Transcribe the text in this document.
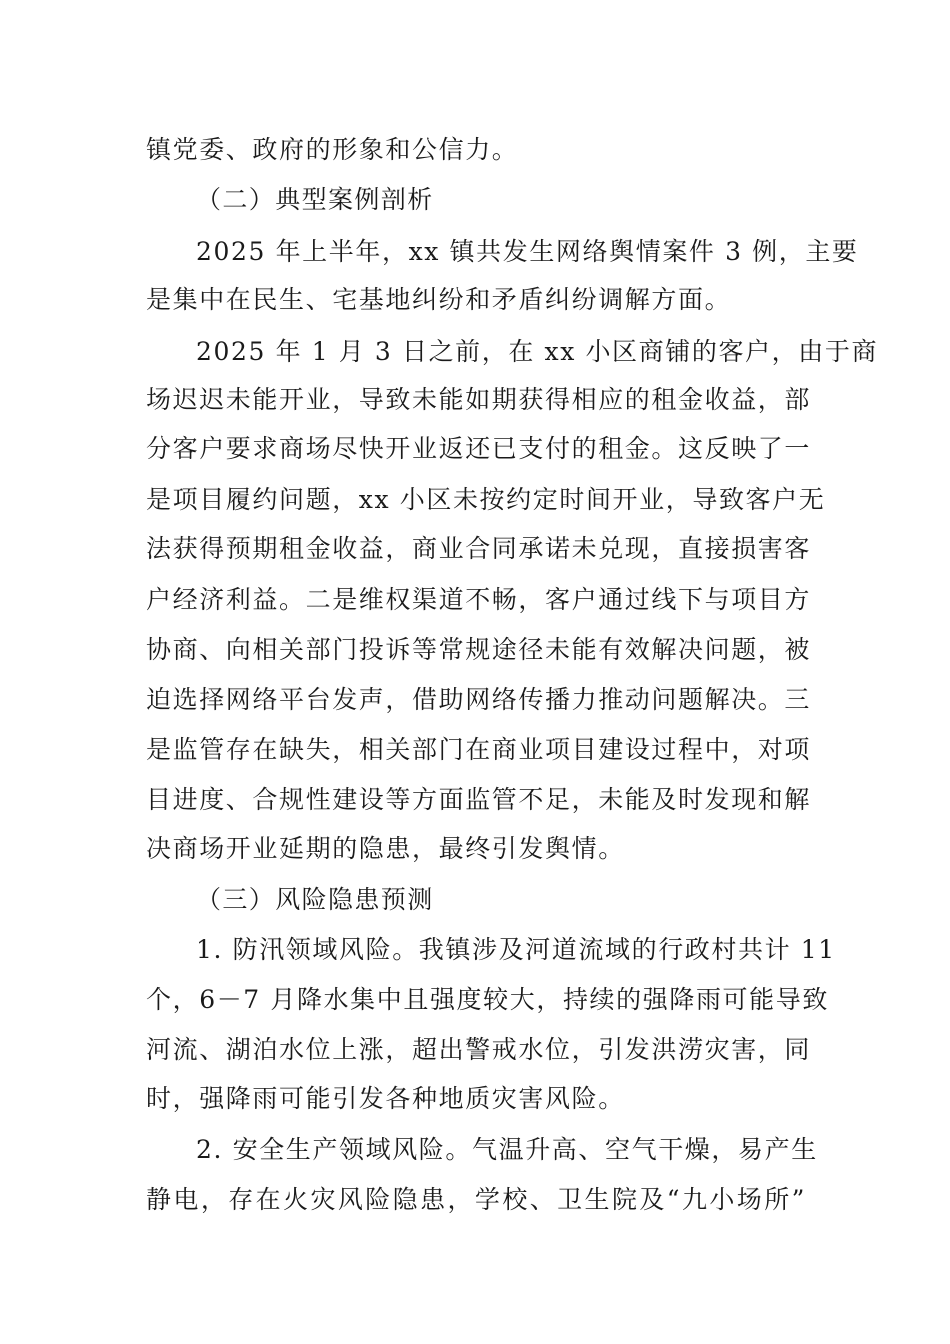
镇党委、政府的形象和公信力。
（二）典型案例剖析
2025 年上半年，xx 镇共发生网络舆情案件 3 例，主要
是集中在民生、宅基地纠纷和矛盾纠纷调解方面。
2025 年 1 月 3 日之前，在 xx 小区商铺的客户，由于商
场迟迟未能开业，导致未能如期获得相应的租金收益，部
分客户要求商场尽快开业返还已支付的租金。这反映了一
是项目履约问题，xx 小区未按约定时间开业，导致客户无
法获得预期租金收益，商业合同承诺未兑现，直接损害客
户经济利益。二是维权渠道不畅，客户通过线下与项目方
协商、向相关部门投诉等常规途径未能有效解决问题，被
迫选择网络平台发声，借助网络传播力推动问题解决。三
是监管存在缺失，相关部门在商业项目建设过程中，对项
目进度、合规性建设等方面监管不足，未能及时发现和解
决商场开业延期的隐患，最终引发舆情。
（三）风险隐患预测
1. 防汛领域风险。我镇涉及河道流域的行政村共计 11
个，6－7 月降水集中且强度较大，持续的强降雨可能导致
河流、湖泊水位上涨，超出警戒水位，引发洪涝灾害，同
时，强降雨可能引发各种地质灾害风险。
2. 安全生产领域风险。气温升高、空气干燥，易产生
静电，存在火灾风险隐患，学校、卫生院及“九小场所”
